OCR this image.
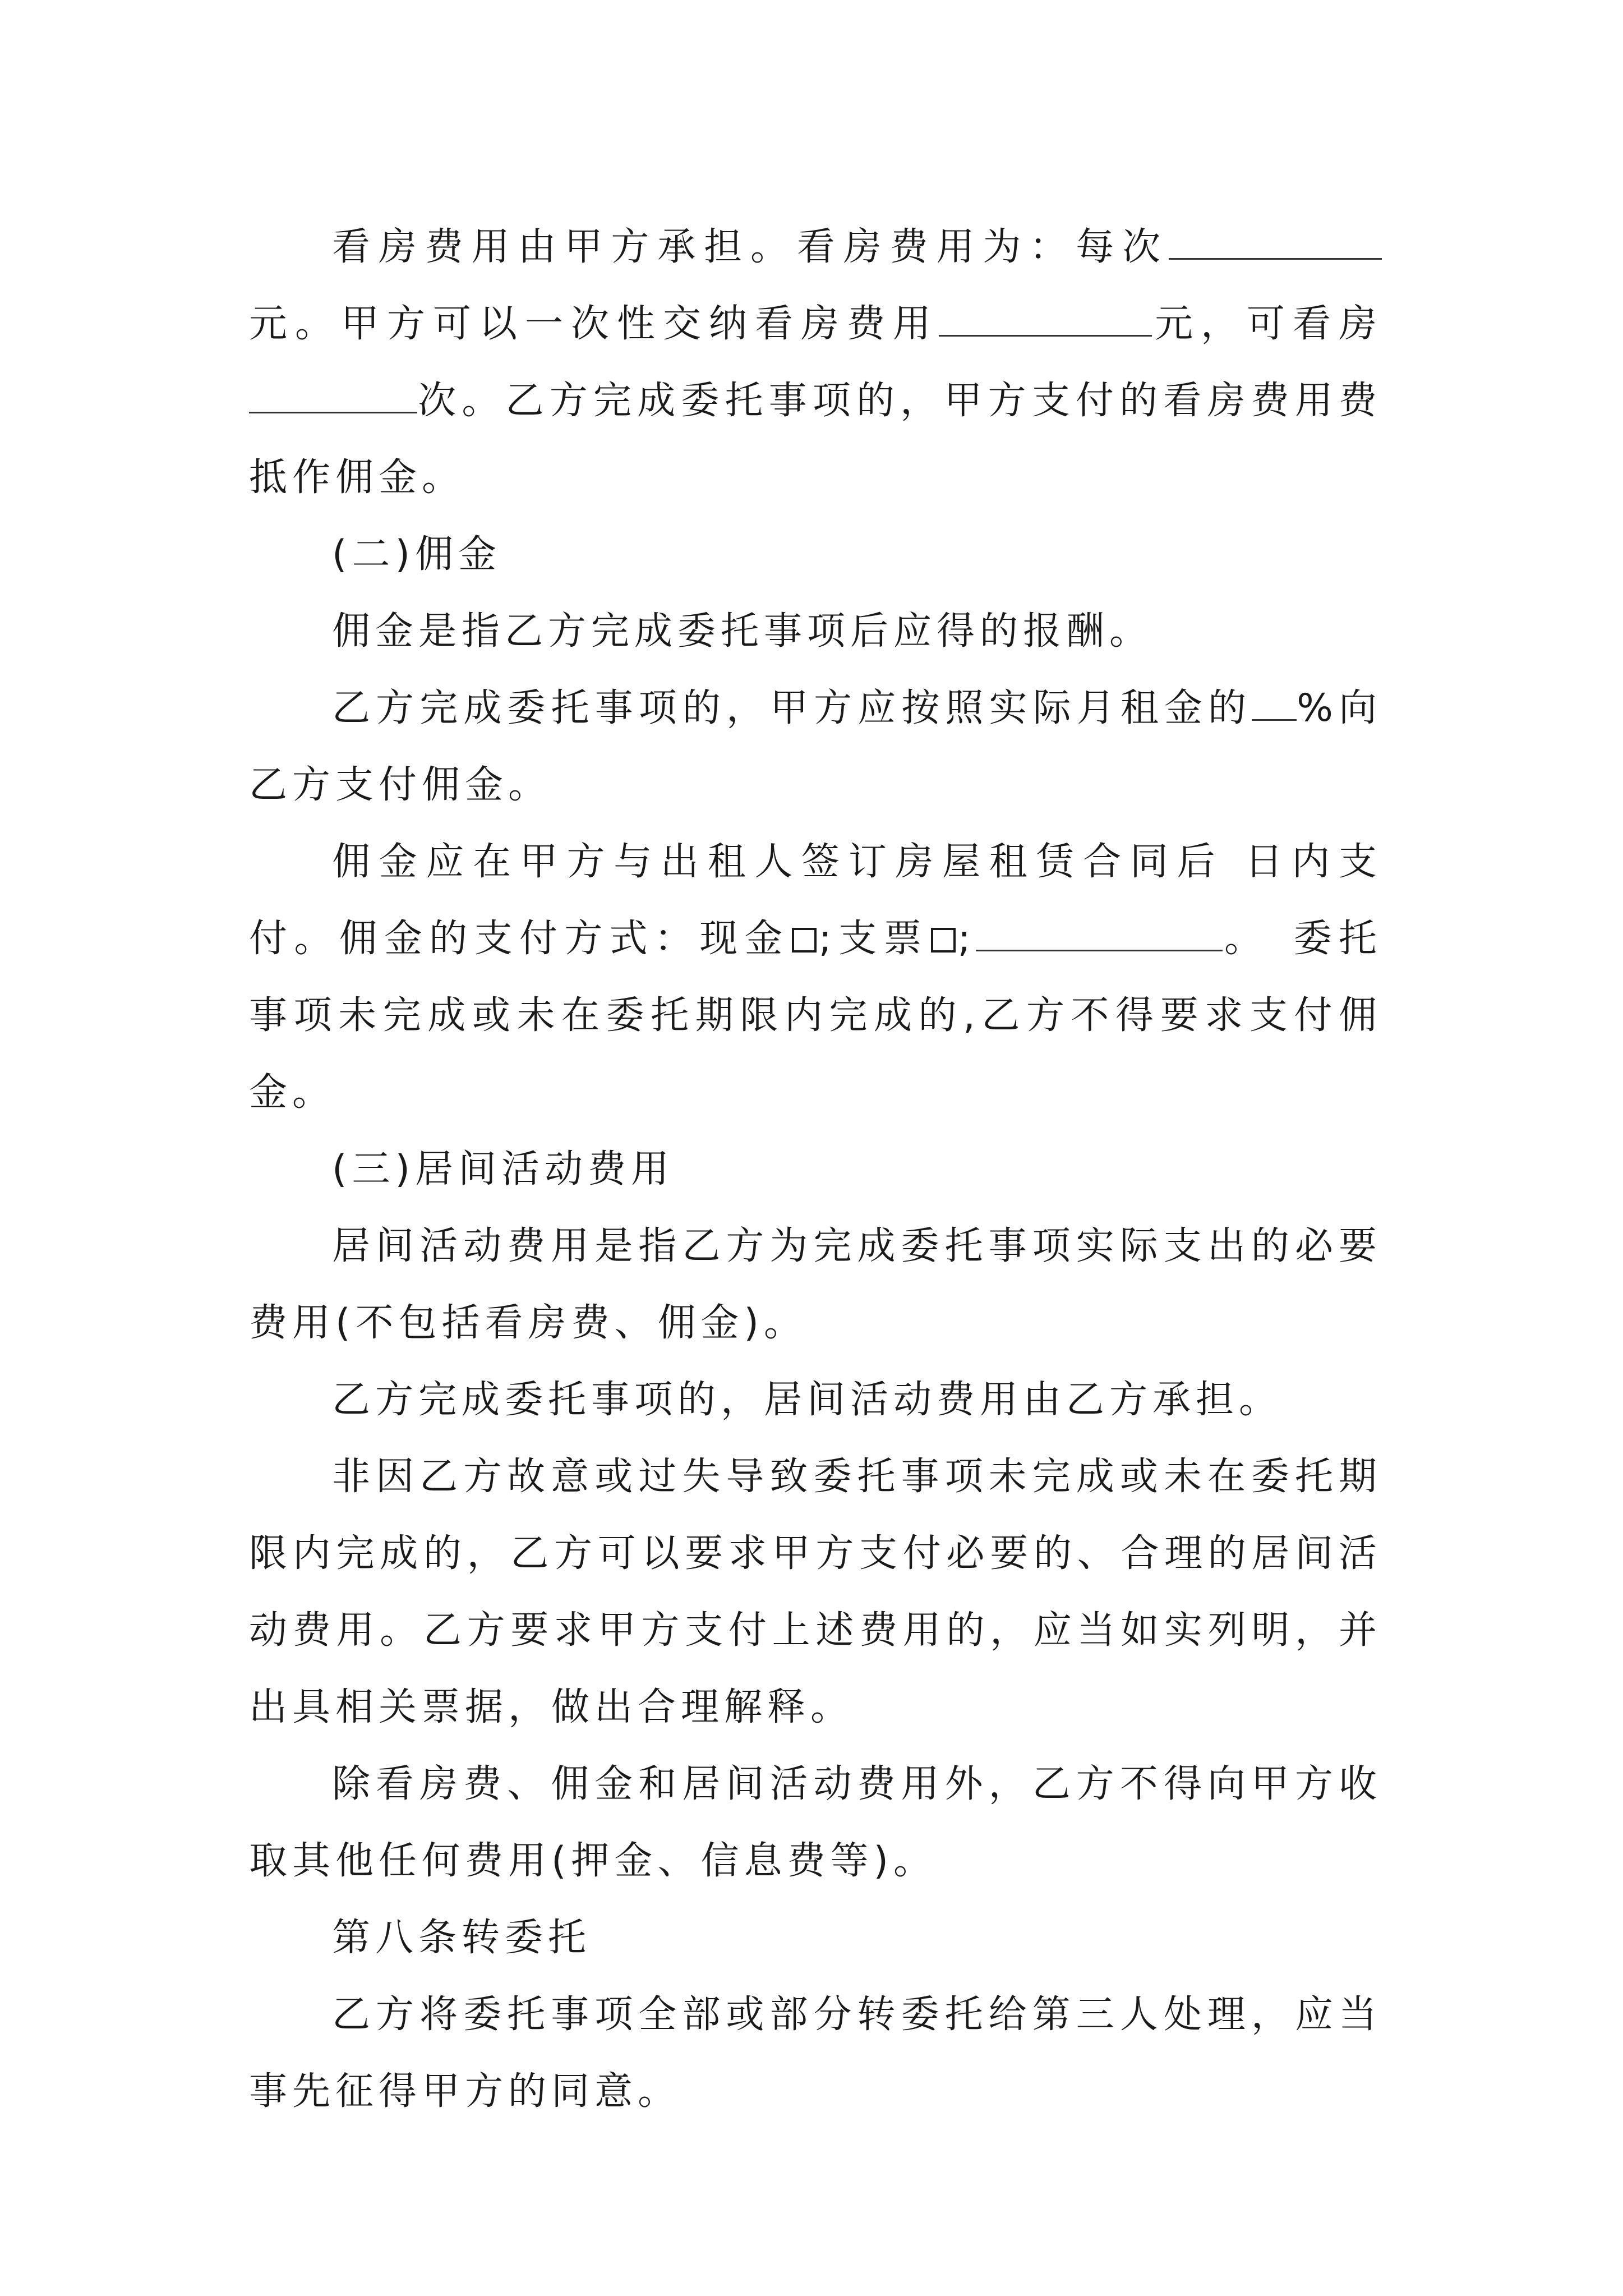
看房费用由甲方承担。看房费用为：每次元。甲方可以一次性交纳看房费用	元，可看房次。乙方完成委托事项的，甲方支付的看房费用费抵作佣金。

(二)佣金

佣金是指乙方完成委托事项后应得的报酬。

乙方完成委托事项的，甲方应按照实际月租金的 %向乙方支付佣金。

佣金应在甲方与出租人签订房屋租赁合同后 日内支付。佣金的支付方式：现金 ;支票 ;	。 委托事项未完成或未在委托期限内完成的,乙方不得要求支付佣金。

(三)居间活动费用

居间活动费用是指乙方为完成委托事项实际支出的必要费用(不包括看房费、佣金)。

乙方完成委托事项的，居间活动费用由乙方承担。

非因乙方故意或过失导致委托事项未完成或未在委托期限内完成的，乙方可以要求甲方支付必要的、合理的居间活动费用。乙方要求甲方支付上述费用的，应当如实列明，并出具相关票据，做出合理解释。

除看房费、佣金和居间活动费用外，乙方不得向甲方收取其他任何费用(押金、信息费等)。

第八条转委托

乙方将委托事项全部或部分转委托给第三人处理，应当事先征得甲方的同意。
